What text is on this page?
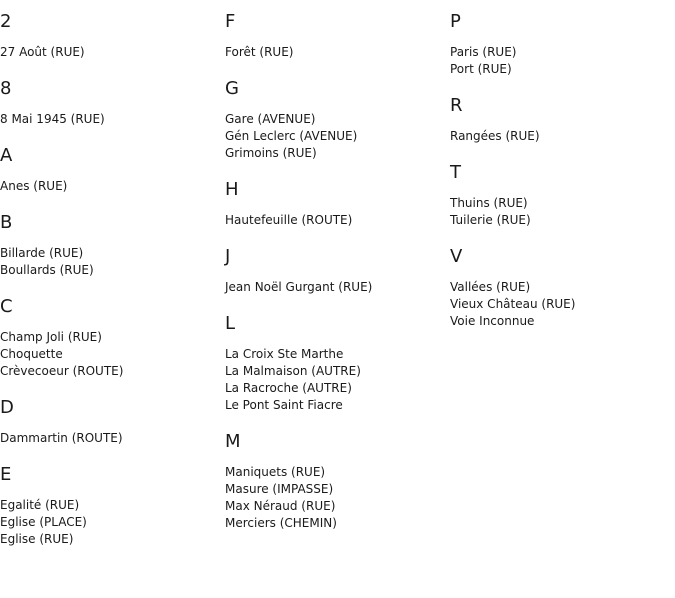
2
27 Août (RUE)
8
8 Mai 1945 (RUE)
A
Anes (RUE)
B
Billarde (RUE)
Boullards (RUE)
C
Champ Joli (RUE)
Choquette
Crèvecoeur (ROUTE)
D
Dammartin (ROUTE)
E
Egalité (RUE)
Eglise (PLACE)
Eglise (RUE)
F
Forêt (RUE)
G
Gare (AVENUE)
Gén Leclerc (AVENUE)
Grimoins (RUE)
H
Hautefeuille (ROUTE)
J
Jean Noël Gurgant (RUE)
L
La Croix Ste Marthe
La Malmaison (AUTRE)
La Racroche (AUTRE)
Le Pont Saint Fiacre
M
Maniquets (RUE)
Masure (IMPASSE)
Max Néraud (RUE)
Merciers (CHEMIN)
P
Paris (RUE)
Port (RUE)
R
Rangées (RUE)
T
Thuins (RUE)
Tuilerie (RUE)
V
Vallées (RUE)
Vieux Château (RUE)
Voie Inconnue
